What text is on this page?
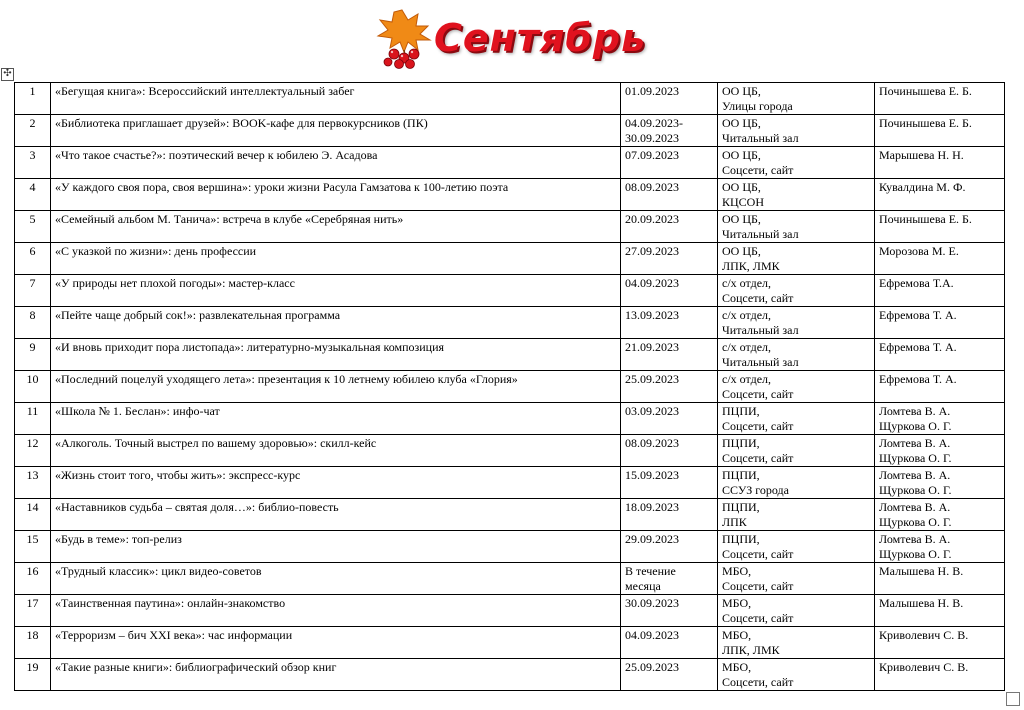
Сентябрь
✣
1	«Бегущая книга»: Всероссийский интеллектуальный забег	01.09.2023	ОО ЦБ,
Улицы города	Починышева Е. Б.

2	«Библиотека приглашает друзей»: BOOK-кафе для первокурсников (ПК)	04.09.2023-
30.09.2023	ОО ЦБ,
Читальный зал	Починышева Е. Б.

3	«Что такое счастье?»: поэтический вечер к юбилею Э. Асадова	07.09.2023	ОО ЦБ,
Соцсети, сайт	Марышева Н. Н.

4	«У каждого своя пора, своя вершина»: уроки жизни Расула Гамзатова к 100-летию поэта	08.09.2023	ОО ЦБ,
КЦСОН	Кувалдина М. Ф.

5	«Семейный альбом М. Танича»: встреча в клубе «Серебряная нить»	20.09.2023	ОО ЦБ,
Читальный зал	Починышева Е. Б.

6	«С указкой по жизни»: день профессии	27.09.2023	ОО ЦБ,
ЛПК, ЛМК	Морозова М. Е.

7	«У природы нет плохой погоды»: мастер-класс	04.09.2023	с/х отдел,
Соцсети, сайт	Ефремова Т.А.

8	«Пейте чаще добрый сок!»: развлекательная программа	13.09.2023	с/х отдел,
Читальный зал	Ефремова Т. А.

9	«И вновь приходит пора листопада»: литературно-музыкальная композиция	21.09.2023	с/х отдел,
Читальный зал	Ефремова Т. А.

10	«Последний поцелуй уходящего лета»: презентация к 10 летнему юбилею клуба «Глория»	25.09.2023	с/х отдел,
Соцсети, сайт	Ефремова Т. А.

11	«Школа № 1. Беслан»: инфо-чат	03.09.2023	ПЦПИ,
Соцсети, сайт	Ломтева В. А.
Щуркова О. Г.

12	«Алкоголь. Точный выстрел по вашему здоровью»: скилл-кейс	08.09.2023	ПЦПИ,
Соцсети, сайт	Ломтева В. А.
Щуркова О. Г.

13	«Жизнь стоит того, чтобы жить»: экспресс-курс	15.09.2023	ПЦПИ,
ССУЗ города	Ломтева В. А.
Щуркова О. Г.

14	«Наставников судьба – святая доля…»: библио-повесть	18.09.2023	ПЦПИ,
ЛПК	Ломтева В. А.
Щуркова О. Г.

15	«Будь в теме»: топ-релиз	29.09.2023	ПЦПИ,
Соцсети, сайт	Ломтева В. А.
Щуркова О. Г.

16	«Трудный классик»: цикл видео-советов	В течение
месяца	МБО,
Соцсети, сайт	Малышева Н. В.

17	«Таинственная паутина»: онлайн-знакомство	30.09.2023	МБО,
Соцсети, сайт	Малышева Н. В.

18	«Терроризм – бич XXI века»: час информации	04.09.2023	МБО,
ЛПК, ЛМК	Криволевич С. В.

19	«Такие разные книги»: библиографический обзор книг	25.09.2023	МБО,
Соцсети, сайт	Криволевич С. В.
